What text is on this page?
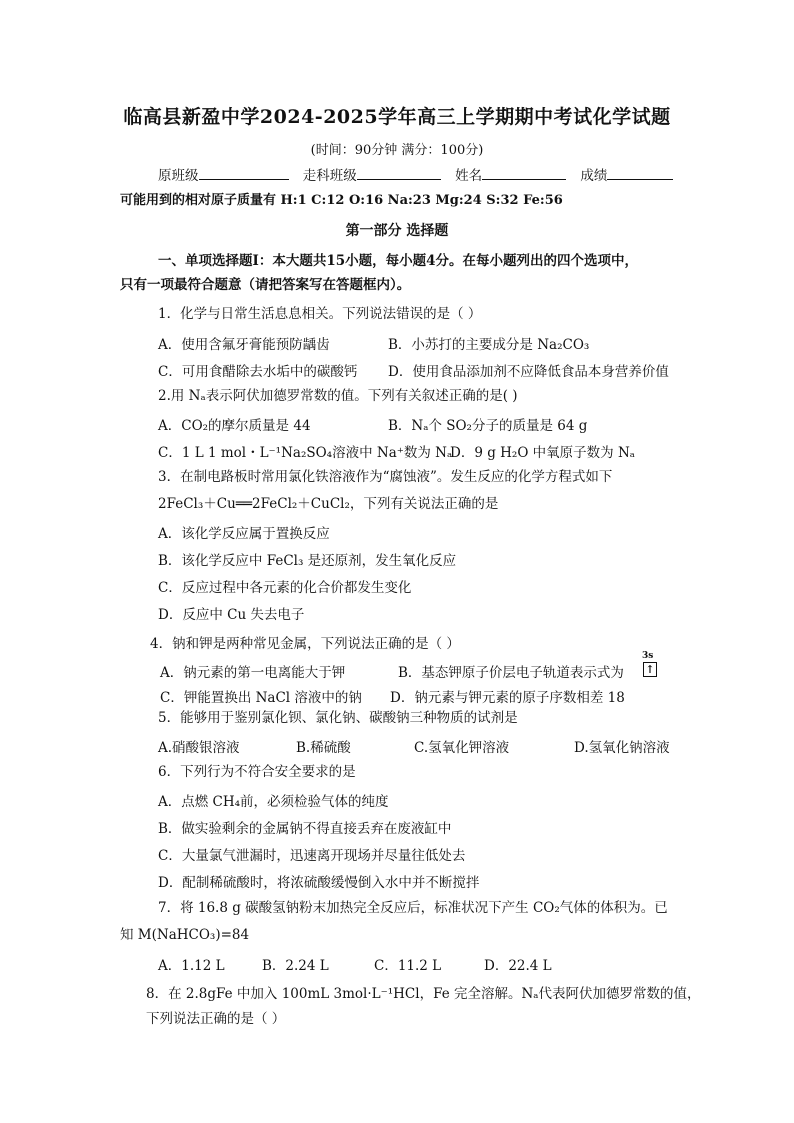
临高县新盈中学2024-2025学年高三上学期期中考试化学试题
(时间：90分钟 满分：100分)
原班级	走科班级	姓名	成绩
可能用到的相对原子质量有 H:1 C:12 O:16 Na:23 Mg:24 S:32 Fe:56
第一部分 选择题
一、单项选择题Ⅰ：本大题共15小题，每小题4分。在每小题列出的四个选项中，
只有一项最符合题意（请把答案写在答题框内）。
1．化学与日常生活息息相关。下列说法错误的是（ ）
A．使用含氟牙膏能预防龋齿	B．小苏打的主要成分是 Na₂CO₃
C．可用食醋除去水垢中的碳酸钙 D．使用食品添加剂不应降低食品本身营养价值
2.用 Nₐ表示阿伏加德罗常数的值。下列有关叙述正确的是( )
A．CO₂的摩尔质量是 44	B．Nₐ个 SO₂分子的质量是 64 g
C．1 L 1 mol・L⁻¹Na₂SO₄溶液中 Na⁺数为 Nₐ
D．9 g H₂O 中氧原子数为 Nₐ
3．在制电路板时常用氯化铁溶液作为“腐蚀液”。发生反应的化学方程式如下
2FeCl₃＋Cu══2FeCl₂＋CuCl₂，下列有关说法正确的是
A．该化学反应属于置换反应
B．该化学反应中 FeCl₃ 是还原剂，发生氧化反应
C．反应过程中各元素的化合价都发生变化
D．反应中 Cu 失去电子
4．钠和钾是两种常见金属，下列说法正确的是（ ）
A．钠元素的第一电离能大于钾	B．基态钾原子价层电子轨道表示式为
3s
↑
C．钾能置换出 NaCl 溶液中的钠 D．钠元素与钾元素的原子序数相差 18
5．能够用于鉴别氯化钡、氯化钠、碳酸钠三种物质的试剂是
A.硝酸银溶液	B.稀硫酸	C.氢氧化钾溶液	D.氢氧化钠溶液
6．下列行为不符合安全要求的是
A．点燃 CH₄前，必须检验气体的纯度
B．做实验剩余的金属钠不得直接丢弃在废液缸中
C．大量氯气泄漏时，迅速离开现场并尽量往低处去
D．配制稀硫酸时，将浓硫酸缓慢倒入水中并不断搅拌
7．将 16.8 g 碳酸氢钠粉末加热完全反应后，标准状况下产生 CO₂气体的体积为。已
知 M(NaHCO₃)=84
A．1.12 L	B．2.24 L	C．11.2 L	D．22.4 L
8．在 2.8gFe 中加入 100mL 3mol·L⁻¹HCl，Fe 完全溶解。Nₐ代表阿伏加德罗常数的值，
下列说法正确的是（ ）
